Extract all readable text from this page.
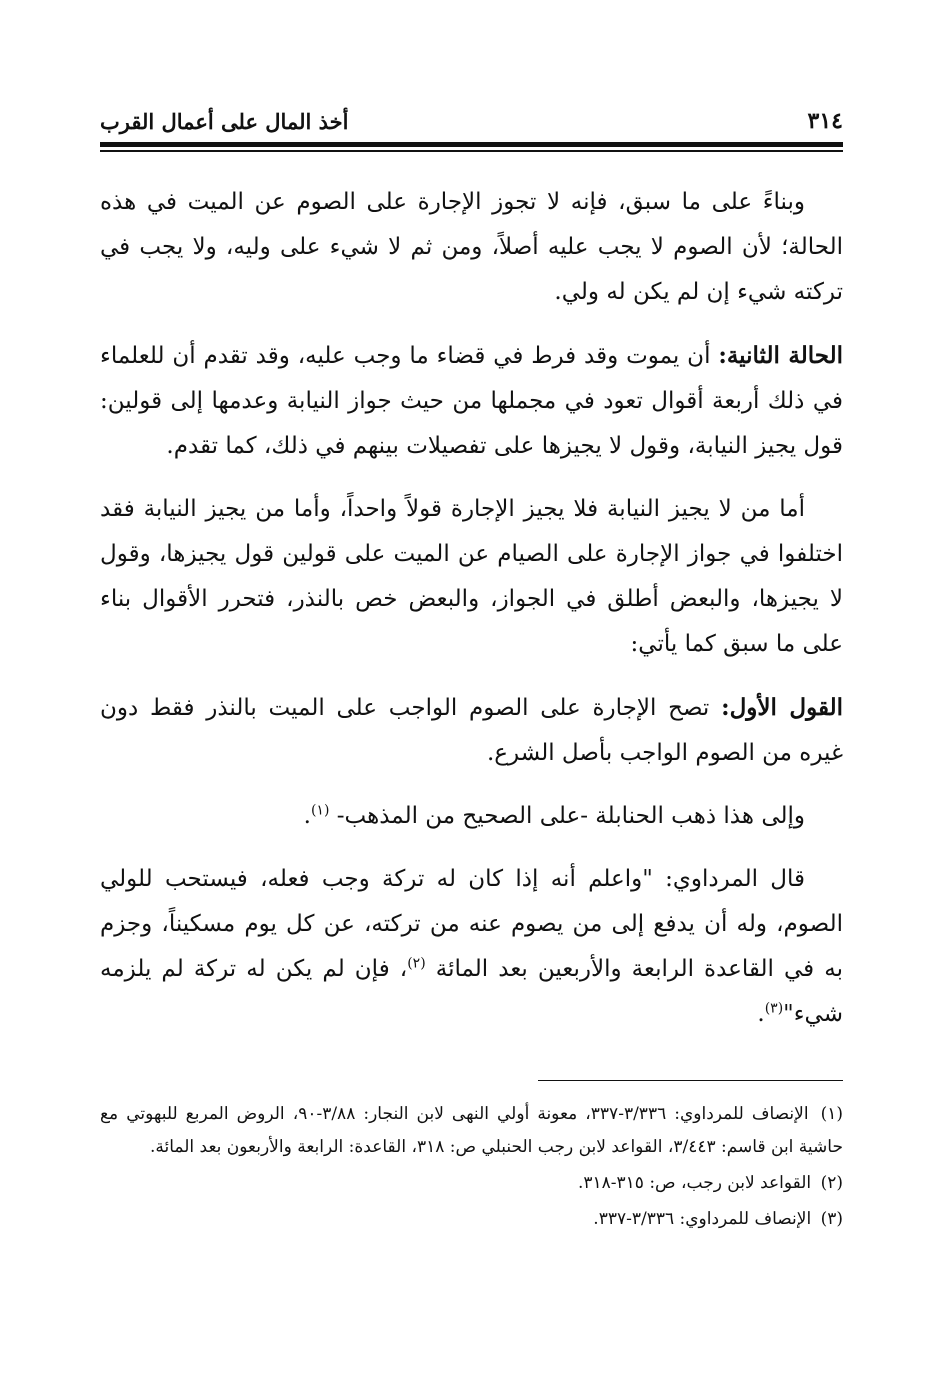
٣١٤
أخذ المال على أعمال القرب

وبناءً على ما سبق، فإنه لا تجوز الإجارة على الصوم عن الميت في هذه الحالة؛ لأن الصوم لا يجب عليه أصلاً، ومن ثم لا شيء على وليه، ولا يجب في تركته شيء إن لم يكن له ولي.

الحالة الثانية: أن يموت وقد فرط في قضاء ما وجب عليه، وقد تقدم أن للعلماء في ذلك أربعة أقوال تعود في مجملها من حيث جواز النيابة وعدمها إلى قولين: قول يجيز النيابة، وقول لا يجيزها على تفصيلات بينهم في ذلك، كما تقدم.

أما من لا يجيز النيابة فلا يجيز الإجارة قولاً واحداً، وأما من يجيز النيابة فقد اختلفوا في جواز الإجارة على الصيام عن الميت على قولين قول يجيزها، وقول لا يجيزها، والبعض أطلق في الجواز، والبعض خص بالنذر، فتحرر الأقوال بناء على ما سبق كما يأتي:

القول الأول: تصح الإجارة على الصوم الواجب على الميت بالنذر فقط دون غيره من الصوم الواجب بأصل الشرع.

وإلى هذا ذهب الحنابلة -على الصحيح من المذهب- $^{(١)}$.

قال المرداوي: "واعلم أنه إذا كان له تركة وجب فعله، فيستحب للولي الصوم، وله أن يدفع إلى من يصوم عنه من تركته، عن كل يوم مسكيناً، وجزم به في القاعدة الرابعة والأربعين بعد المائة $^{(٢)}$، فإن لم يكن له تركة لم يلزمه شيء"$^{(٣)}$.

(١) الإنصاف للمرداوي: ٣/٣٣٦-٣٣٧، معونة أولي النهى لابن النجار: ٣/٨٨-٩٠، الروض المربع للبهوتي مع حاشية ابن قاسم: ٣/٤٤٣، القواعد لابن رجب الحنبلي ص: ٣١٨، القاعدة: الرابعة والأربعون بعد المائة.
(٢) القواعد لابن رجب، ص: ٣١٥-٣١٨.
(٣) الإنصاف للمرداوي: ٣/٣٣٦-٣٣٧.
